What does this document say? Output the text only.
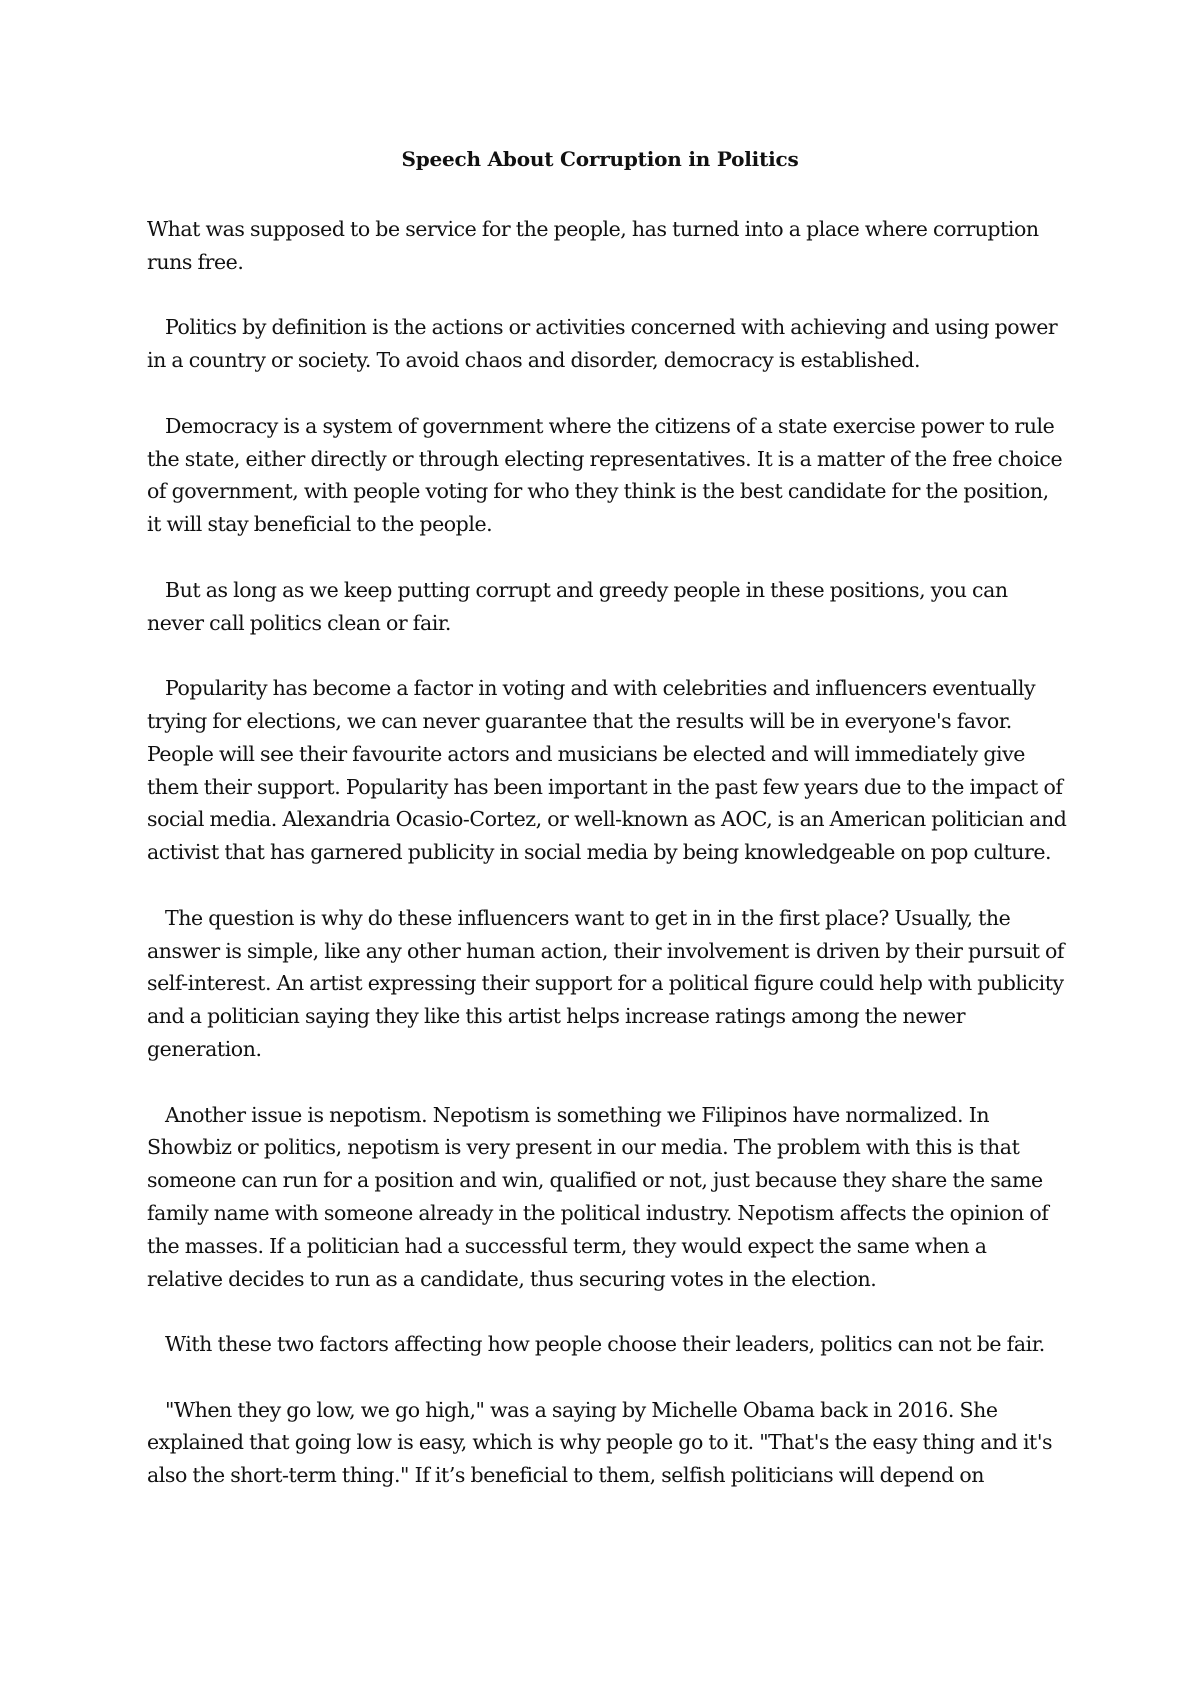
Speech About Corruption in Politics

What was supposed to be service for the people, has turned into a place where corruption runs free.

Politics by definition is the actions or activities concerned with achieving and using power in a country or society. To avoid chaos and disorder, democracy is established.

Democracy is a system of government where the citizens of a state exercise power to rule the state, either directly or through electing representatives. It is a matter of the free choice of government, with people voting for who they think is the best candidate for the position, it will stay beneficial to the people.

But as long as we keep putting corrupt and greedy people in these positions, you can never call politics clean or fair.

Popularity has become a factor in voting and with celebrities and influencers eventually trying for elections, we can never guarantee that the results will be in everyone's favor. People will see their favourite actors and musicians be elected and will immediately give them their support. Popularity has been important in the past few years due to the impact of social media. Alexandria Ocasio-Cortez, or well-known as AOC, is an American politician and activist that has garnered publicity in social media by being knowledgeable on pop culture.

The question is why do these influencers want to get in in the first place? Usually, the answer is simple, like any other human action, their involvement is driven by their pursuit of self-interest. An artist expressing their support for a political figure could help with publicity and a politician saying they like this artist helps increase ratings among the newer generation.

Another issue is nepotism. Nepotism is something we Filipinos have normalized. In Showbiz or politics, nepotism is very present in our media. The problem with this is that someone can run for a position and win, qualified or not, just because they share the same family name with someone already in the political industry. Nepotism affects the opinion of the masses. If a politician had a successful term, they would expect the same when a relative decides to run as a candidate, thus securing votes in the election.

With these two factors affecting how people choose their leaders, politics can not be fair.

"When they go low, we go high," was a saying by Michelle Obama back in 2016. She explained that going low is easy, which is why people go to it. "That's the easy thing and it's also the short-term thing." If it’s beneficial to them, selfish politicians will depend on
